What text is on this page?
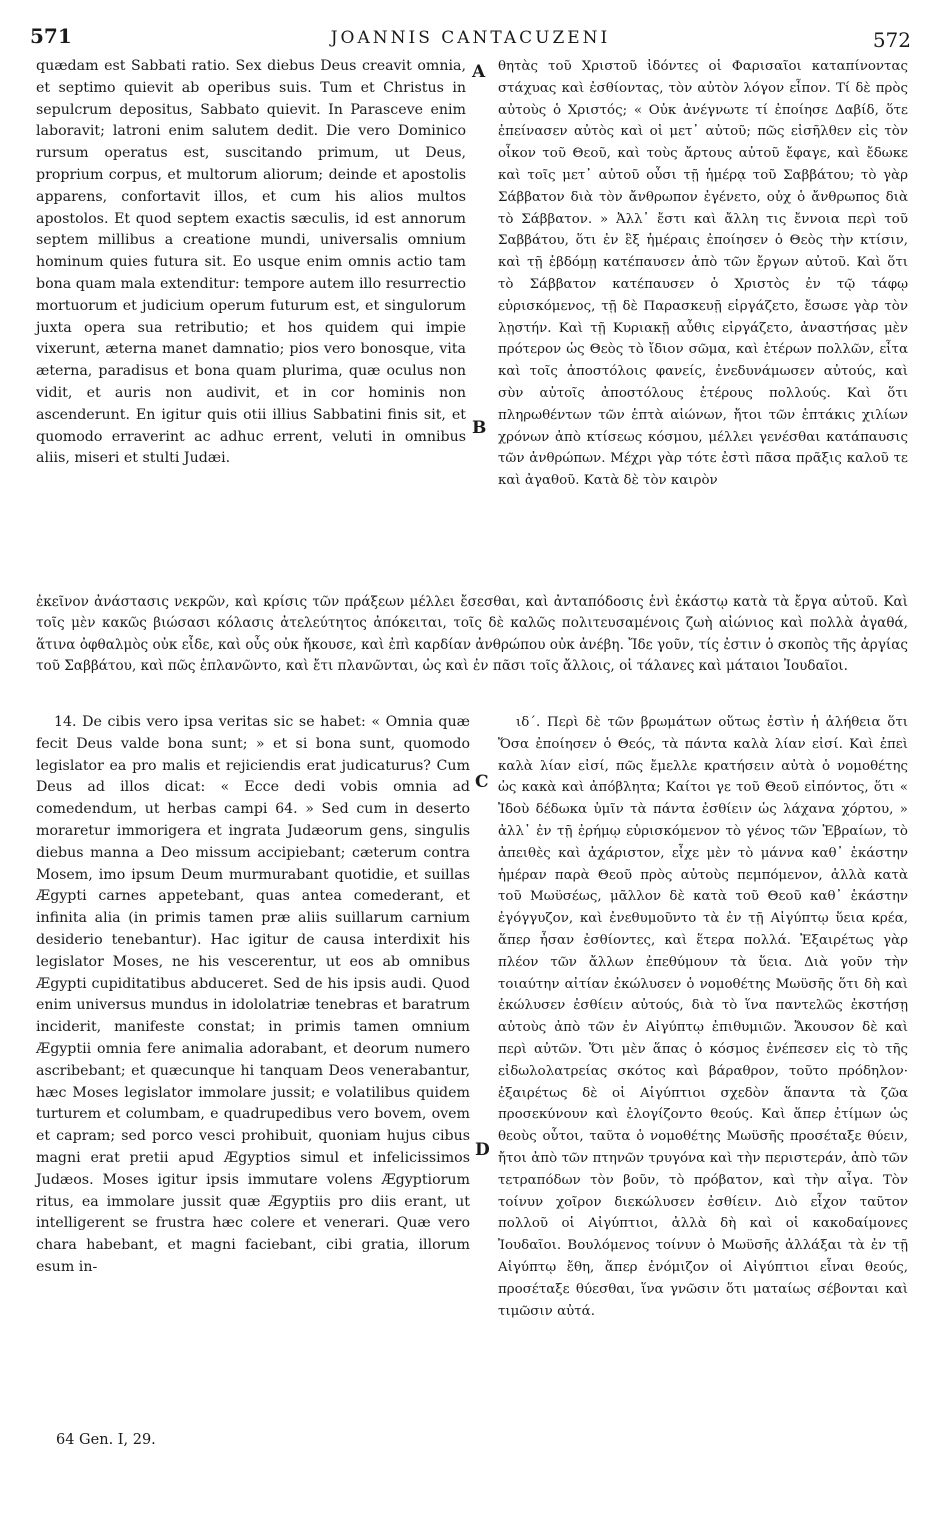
571	JOANNIS CANTACUZENI	572

quædam est Sabbati ratio. Sex diebus Deus creavit omnia, et septimo quievit ab operibus suis. Tum et Christus in sepulcrum depositus, Sabbato quievit. In Parasceve enim laboravit; latroni enim salutem dedit. Die vero Dominico rursum operatus est, suscitando primum, ut Deus, proprium corpus, et multorum aliorum; deinde et apostolis apparens, confortavit illos, et cum his alios multos apostolos. Et quod septem exactis sæculis, id est annorum septem millibus a creatione mundi, universalis omnium hominum quies futura sit. Eo usque enim omnis actio tam bona quam mala extenditur: tempore autem illo resurrectio mortuorum et judicium operum futurum est, et singulorum juxta opera sua retributio; et hos quidem qui impie vixerunt, æterna manet damnatio; pios vero bonosque, vita æterna, paradisus et bona quam plurima, quæ oculus non vidit, et auris non audivit, et in cor hominis non ascenderunt. En igitur quis otii illius Sabbatini finis sit, et quomodo erraverint ac adhuc errent, veluti in omnibus aliis, miseri et stulti Judæi.

A
B
C
D

θητὰς τοῦ Χριστοῦ ἰδόντες οἱ Φαρισαῖοι καταπίνοντας στάχυας καὶ ἐσθίοντας, τὸν αὐτὸν λόγον εἶπον. Τί δὲ πρὸς αὐτοὺς ὁ Χριστός; « Οὐκ ἀνέγνωτε τί ἐποίησε Δαβίδ, ὅτε ἐπείνασεν αὐτὸς καὶ οἱ μετ᾽ αὐτοῦ; πῶς εἰσῆλθεν εἰς τὸν οἶκον τοῦ Θεοῦ, καὶ τοὺς ἄρτους αὐτοῦ ἔφαγε, καὶ ἔδωκε καὶ τοῖς μετ᾽ αὐτοῦ οὖσι τῇ ἡμέρᾳ τοῦ Σαββάτου; τὸ γὰρ Σάββατον διὰ τὸν ἄνθρωπον ἐγένετο, οὐχ ὁ ἄνθρωπος διὰ τὸ Σάββατον. » Ἀλλ᾽ ἔστι καὶ ἄλλη τις ἔννοια περὶ τοῦ Σαββάτου, ὅτι ἐν ἓξ ἡμέραις ἐποίησεν ὁ Θεὸς τὴν κτίσιν, καὶ τῇ ἑβδόμῃ κατέπαυσεν ἀπὸ τῶν ἔργων αὐτοῦ. Καὶ ὅτι τὸ Σάββατον κατέπαυσεν ὁ Χριστὸς ἐν τῷ τάφῳ εὑρισκόμενος, τῇ δὲ Παρασκευῇ εἰργάζετο, ἔσωσε γὰρ τὸν λῃστήν. Καὶ τῇ Κυριακῇ αὖθις εἰργάζετο, ἀναστήσας μὲν πρότερον ὡς Θεὸς τὸ ἴδιον σῶμα, καὶ ἑτέρων πολλῶν, εἶτα καὶ τοῖς ἀποστόλοις φανείς, ἐνεδυνάμωσεν αὐτούς, καὶ σὺν αὐτοῖς ἀποστόλους ἑτέρους πολλούς. Καὶ ὅτι πληρωθέντων τῶν ἑπτὰ αἰώνων, ἤτοι τῶν ἑπτάκις χιλίων χρόνων ἀπὸ κτίσεως κόσμου, μέλλει γενέσθαι κατάπαυσις τῶν ἀνθρώπων. Μέχρι γὰρ τότε ἐστὶ πᾶσα πρᾶξις καλοῦ τε καὶ ἀγαθοῦ. Κατὰ δὲ τὸν καιρὸν

ἐκεῖνον ἀνάστασις νεκρῶν, καὶ κρίσις τῶν πράξεων μέλλει ἔσεσθαι, καὶ ἀνταπόδοσις ἑνὶ ἑκάστῳ κατὰ τὰ ἔργα αὐτοῦ. Καὶ τοῖς μὲν κακῶς βιώσασι κόλασις ἀτελεύτητος ἀπόκειται, τοῖς δὲ καλῶς πολιτευσαμένοις ζωὴ αἰώνιος καὶ πολλὰ ἀγαθά, ἅτινα ὀφθαλμὸς οὐκ εἶδε, καὶ οὖς οὐκ ἤκουσε, καὶ ἐπὶ καρδίαν ἀνθρώπου οὐκ ἀνέβη. Ἴδε γοῦν, τίς ἐστιν ὁ σκοπὸς τῆς ἀργίας τοῦ Σαββάτου, καὶ πῶς ἐπλανῶντο, καὶ ἔτι πλανῶνται, ὡς καὶ ἐν πᾶσι τοῖς ἄλλοις, οἱ τάλανες καὶ μάταιοι Ἰουδαῖοι.

14. De cibis vero ipsa veritas sic se habet: « Omnia quæ fecit Deus valde bona sunt; » et si bona sunt, quomodo legislator ea pro malis et rejiciendis erat judicaturus? Cum Deus ad illos dicat: « Ecce dedi vobis omnia ad comedendum, ut herbas campi 64. » Sed cum in deserto moraretur immorigera et ingrata Judæorum gens, singulis diebus manna a Deo missum accipiebant; cæterum contra Mosem, imo ipsum Deum murmurabant quotidie, et suillas Ægypti carnes appetebant, quas antea comederant, et infinita alia (in primis tamen præ aliis suillarum carnium desiderio tenebantur). Hac igitur de causa interdixit his legislator Moses, ne his vescerentur, ut eos ab omnibus Ægypti cupiditatibus abduceret. Sed de his ipsis audi. Quod enim universus mundus in idololatriæ tenebras et baratrum inciderit, manifeste constat; in primis tamen omnium Ægyptii omnia fere animalia adorabant, et deorum numero ascribebant; et quæcunque hi tanquam Deos venerabantur, hæc Moses legislator immolare jussit; e volatilibus quidem turturem et columbam, e quadrupedibus vero bovem, ovem et capram; sed porco vesci prohibuit, quoniam hujus cibus magni erat pretii apud Ægyptios simul et infelicissimos Judæos. Moses igitur ipsis immutare volens Ægyptiorum ritus, ea immolare jussit quæ Ægyptiis pro diis erant, ut intelligerent se frustra hæc colere et venerari. Quæ vero chara habebant, et magni faciebant, cibi gratia, illorum esum in-

ιδ΄. Περὶ δὲ τῶν βρωμάτων οὕτως ἐστὶν ἡ ἀλήθεια ὅτι Ὅσα ἐποίησεν ὁ Θεός, τὰ πάντα καλὰ λίαν εἰσί. Καὶ ἐπεὶ καλὰ λίαν εἰσί, πῶς ἔμελλε κρατήσειν αὐτὰ ὁ νομοθέτης ὡς κακὰ καὶ ἀπόβλητα; Καίτοι γε τοῦ Θεοῦ εἰπόντος, ὅτι « Ἰδοὺ δέδωκα ὑμῖν τὰ πάντα ἐσθίειν ὡς λάχανα χόρτου, » ἀλλ᾽ ἐν τῇ ἐρήμῳ εὑρισκόμενον τὸ γένος τῶν Ἑβραίων, τὸ ἀπειθὲς καὶ ἀχάριστον, εἶχε μὲν τὸ μάννα καθ᾽ ἑκάστην ἡμέραν παρὰ Θεοῦ πρὸς αὐτοὺς πεμπόμενον, ἀλλὰ κατὰ τοῦ Μωϋσέως, μᾶλλον δὲ κατὰ τοῦ Θεοῦ καθ᾽ ἑκάστην ἐγόγγυζον, καὶ ἐνεθυμοῦντο τὰ ἐν τῇ Αἰγύπτῳ ὕεια κρέα, ἅπερ ἦσαν ἐσθίοντες, καὶ ἕτερα πολλά. Ἐξαιρέτως γὰρ πλέον τῶν ἄλλων ἐπεθύμουν τὰ ὕεια. Διὰ γοῦν τὴν τοιαύτην αἰτίαν ἐκώλυσεν ὁ νομοθέτης Μωϋσῆς ὅτι δὴ καὶ ἐκώλυσεν ἐσθίειν αὐτούς, διὰ τὸ ἵνα παντελῶς ἐκστήσῃ αὐτοὺς ἀπὸ τῶν ἐν Αἰγύπτῳ ἐπιθυμιῶν. Ἄκουσον δὲ καὶ περὶ αὐτῶν. Ὅτι μὲν ἅπας ὁ κόσμος ἐνέπεσεν εἰς τὸ τῆς εἰδωλολατρείας σκότος καὶ βάραθρον, τοῦτο πρόδηλον· ἐξαιρέτως δὲ οἱ Αἰγύπτιοι σχεδὸν ἅπαντα τὰ ζῶα προσεκύνουν καὶ ἐλογίζοντο θεούς. Καὶ ἅπερ ἐτίμων ὡς θεοὺς οὗτοι, ταῦτα ὁ νομοθέτης Μωϋσῆς προσέταξε θύειν, ἤτοι ἀπὸ τῶν πτηνῶν τρυγόνα καὶ τὴν περιστεράν, ἀπὸ τῶν τετραπόδων τὸν βοῦν, τὸ πρόβατον, καὶ τὴν αἶγα. Τὸν τοίνυν χοῖρον διεκώλυσεν ἐσθίειν. Διὸ εἶχον ταῦτον πολλοῦ οἱ Αἰγύπτιοι, ἀλλὰ δὴ καὶ οἱ κακοδαίμονες Ἰουδαῖοι. Βουλόμενος τοίνυν ὁ Μωϋσῆς ἀλλάξαι τὰ ἐν τῇ Αἰγύπτῳ ἔθη, ἅπερ ἐνόμιζον οἱ Αἰγύπτιοι εἶναι θεούς, προσέταξε θύεσθαι, ἵνα γνῶσιν ὅτι ματαίως σέβονται καὶ τιμῶσιν αὐτά.

64 Gen. I, 29.
